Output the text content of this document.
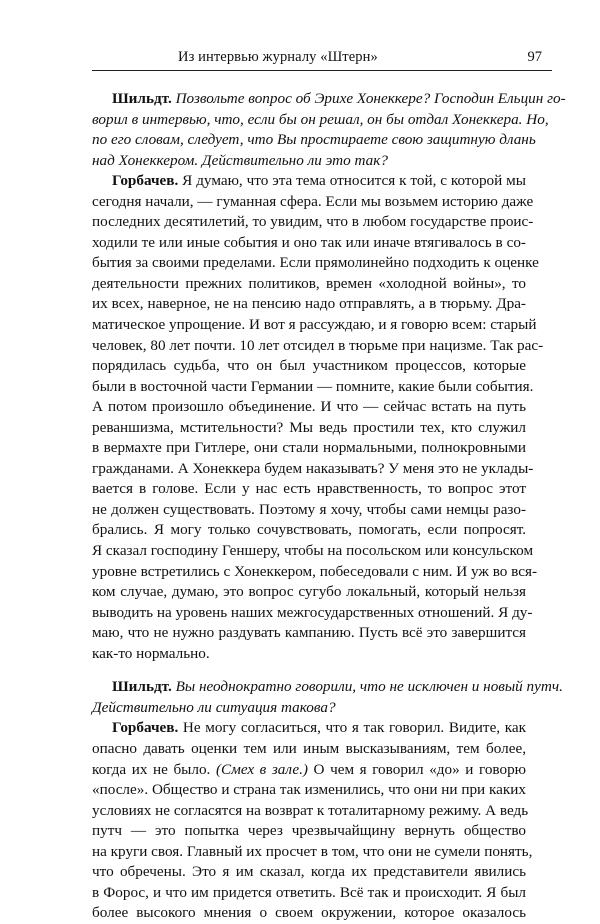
Из интервью журналу «Штерн»	97
Шильдт. Позвольте вопрос об Эрихе Хонеккере? Господин Ельцин го-
ворил в интервью, что, если бы он решал, он бы отдал Хонеккера. Но,
по его словам, следует, что Вы простираете свою защитную длань
над Хонеккером. Действительно ли это так?
Горбачев. Я думаю, что эта тема относится к той, с которой мы
сегодня начали, — гуманная сфера. Если мы возьмем историю даже
последних десятилетий, то увидим, что в любом государстве проис-
ходили те или иные события и оно так или иначе втягивалось в со-
бытия за своими пределами. Если прямолинейно подходить к оценке
деятельности прежних политиков, времен «холодной войны», то
их всех, наверное, не на пенсию надо отправлять, а в тюрьму. Дра-
матическое упрощение. И вот я рассуждаю, и я говорю всем: старый
человек, 80 лет почти. 10 лет отсидел в тюрьме при нацизме. Так рас-
порядилась судьба, что он был участником процессов, которые
были в восточной части Германии — помните, какие были события.
А потом произошло объединение. И что — сейчас встать на путь
реваншизма, мстительности? Мы ведь простили тех, кто служил
в вермахте при Гитлере, они стали нормальными, полнокровными
гражданами. А Хонеккера будем наказывать? У меня это не уклады-
вается в голове. Если у нас есть нравственность, то вопрос этот
не должен существовать. Поэтому я хочу, чтобы сами немцы разо-
брались. Я могу только сочувствовать, помогать, если попросят.
Я сказал господину Геншеру, чтобы на посольском или консульском
уровне встретились с Хонеккером, побеседовали с ним. И уж во вся-
ком случае, думаю, это вопрос сугубо локальный, который нельзя
выводить на уровень наших межгосударственных отношений. Я ду-
маю, что не нужно раздувать кампанию. Пусть всё это завершится
как-то нормально.
Шильдт. Вы неоднократно говорили, что не исключен и новый путч.
Действительно ли ситуация такова?
Горбачев. Не могу согласиться, что я так говорил. Видите, как
опасно давать оценки тем или иным высказываниям, тем более,
когда их не было. (Смех в зале.) О чем я говорил «до» и говорю
«после». Общество и страна так изменились, что они ни при каких
условиях не согласятся на возврат к тоталитарному режиму. А ведь
путч — это попытка через чрезвычайщину вернуть общество
на круги своя. Главный их просчет в том, что они не сумели понять,
что обречены. Это я им сказал, когда их представители явились
в Форос, и что им придется ответить. Всё так и происходит. Я был
более высокого мнения о своем окружении, которое оказалось
